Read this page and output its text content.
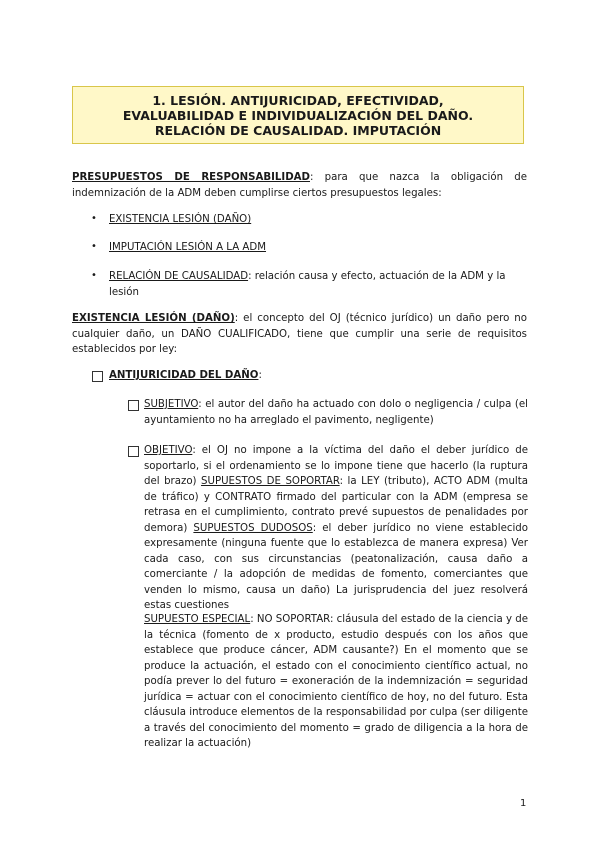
1. LESIÓN. ANTIJURICIDAD, EFECTIVIDAD,
EVALUABILIDAD E INDIVIDUALIZACIÓN DEL DAÑO.
RELACIÓN DE CAUSALIDAD. IMPUTACIÓN
PRESUPUESTOS DE RESPONSABILIDAD: para que nazca la obligación de indemnización de la ADM deben cumplirse ciertos presupuestos legales:
• EXISTENCIA LESIÓN (DAÑO)
• IMPUTACIÓN LESIÓN A LA ADM
• RELACIÓN DE CAUSALIDAD: relación causa y efecto, actuación de la ADM y la lesión
EXISTENCIA LESIÓN (DAÑO): el concepto del OJ (técnico jurídico) un daño pero no cualquier daño, un DAÑO CUALIFICADO, tiene que cumplir una serie de requisitos establecidos por ley:
ANTIJURICIDAD DEL DAÑO:
SUBJETIVO: el autor del daño ha actuado con dolo o negligencia / culpa (el ayuntamiento no ha arreglado el pavimento, negligente)
OBJETIVO: el OJ no impone a la víctima del daño el deber jurídico de soportarlo, si el ordenamiento se lo impone tiene que hacerlo (la ruptura del brazo) SUPUESTOS DE SOPORTAR: la LEY (tributo), ACTO ADM (multa de tráfico) y CONTRATO firmado del particular con la ADM (empresa se retrasa en el cumplimiento, contrato prevé supuestos de penalidades por demora) SUPUESTOS DUDOSOS: el deber jurídico no viene establecido expresamente (ninguna fuente que lo establezca de manera expresa) Ver cada caso, con sus circunstancias (peatonalización, causa daño a comerciante / la adopción de medidas de fomento, comerciantes que venden lo mismo, causa un daño) La jurisprudencia del juez resolverá estas cuestiones
SUPUESTO ESPECIAL: NO SOPORTAR: cláusula del estado de la ciencia y de la técnica (fomento de x producto, estudio después con los años que establece que produce cáncer, ADM causante?) En el momento que se produce la actuación, el estado con el conocimiento científico actual, no podía prever lo del futuro = exoneración de la indemnización = seguridad jurídica = actuar con el conocimiento científico de hoy, no del futuro. Esta cláusula introduce elementos de la responsabilidad por culpa (ser diligente a través del conocimiento del momento = grado de diligencia a la hora de realizar la actuación)
1
